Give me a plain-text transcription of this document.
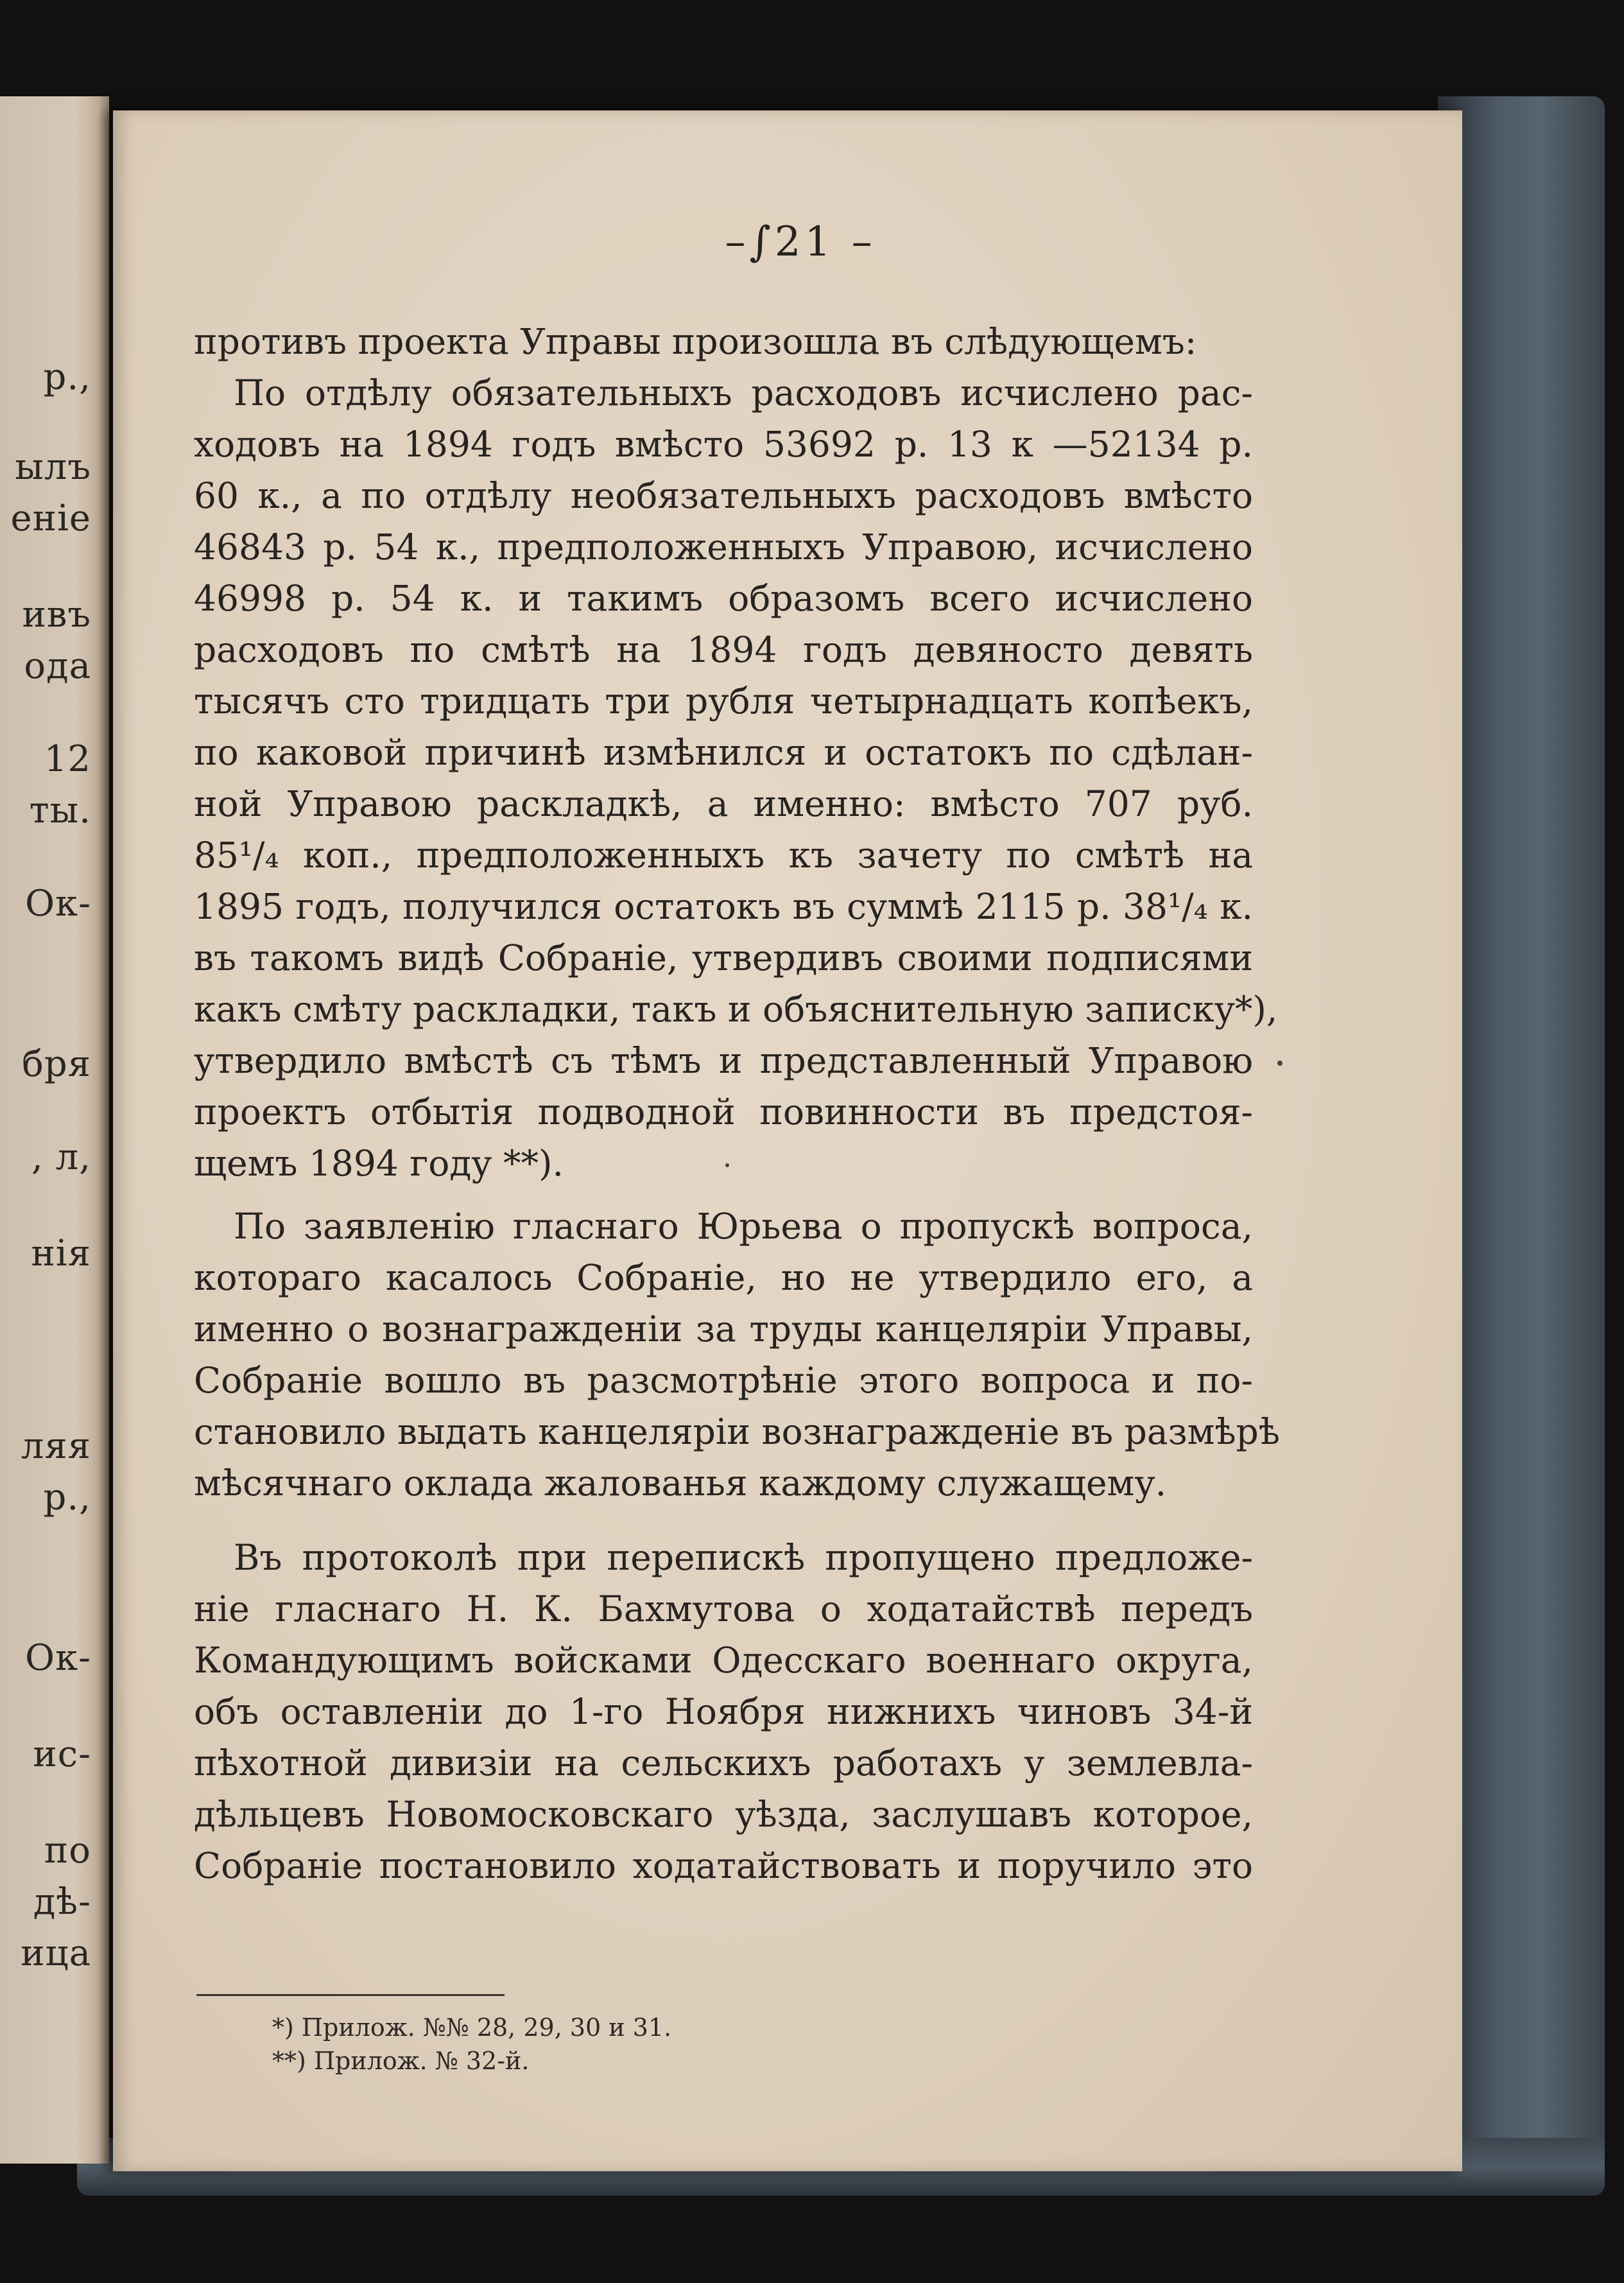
р.,
ылъ
еніе
ивъ
ода
12
ты.
Ок-
бря
, л,
нія
ляя
р.,
Ок-
ис-
по
дѣ-
ица
–∫21 –
противъ проекта Управы произошла въ слѣдующемъ:
По отдѣлу обязательныхъ расходовъ исчислено рас-
ходовъ на 1894 годъ вмѣсто 53692 р. 13 к —52134 р.
60 к., а по отдѣлу необязательныхъ расходовъ вмѣсто
46843 р. 54 к., предположенныхъ Управою, исчислено
46998 р. 54 к. и такимъ образомъ всего исчислено
расходовъ по смѣтѣ на 1894 годъ девяносто девять
тысячъ сто тридцать три рубля четырнадцать копѣекъ,
по каковой причинѣ измѣнился и остатокъ по сдѣлан-
ной Управою раскладкѣ, а именно: вмѣсто 707 руб.
85¹/₄ коп., предположенныхъ къ зачету по смѣтѣ на
1895 годъ, получился остатокъ въ суммѣ 2115 р. 38¹/₄ к.
въ такомъ видѣ Собраніе, утвердивъ своими подписями
какъ смѣту раскладки, такъ и объяснительную записку*),
утвердило вмѣстѣ съ тѣмъ и представленный Управою
проектъ отбытія подводной повинности въ предстоя-
щемъ 1894 году **).
По заявленію гласнаго Юрьева о пропускѣ вопроса,
котораго касалось Собраніе, но не утвердило его, а
именно о вознагражденіи за труды канцеляріи Управы,
Собраніе вошло въ разсмотрѣніе этого вопроса и по-
становило выдать канцеляріи вознагражденіе въ размѣрѣ
мѣсячнаго оклада жалованья каждому служащему.
Въ протоколѣ при перепискѣ пропущено предложе-
ніе гласнаго Н. К. Бахмутова о ходатайствѣ передъ
Командующимъ войсками Одесскаго военнаго округа,
объ оставленіи до 1-го Ноября нижнихъ чиновъ 34-й
пѣхотной дивизіи на сельскихъ работахъ у землевла-
дѣльцевъ Новомосковскаго уѣзда, заслушавъ которое,
Собраніе постановило ходатайствовать и поручило это
*) Прилож. №№ 28, 29, 30 и 31.
**) Прилож. № 32-й.
